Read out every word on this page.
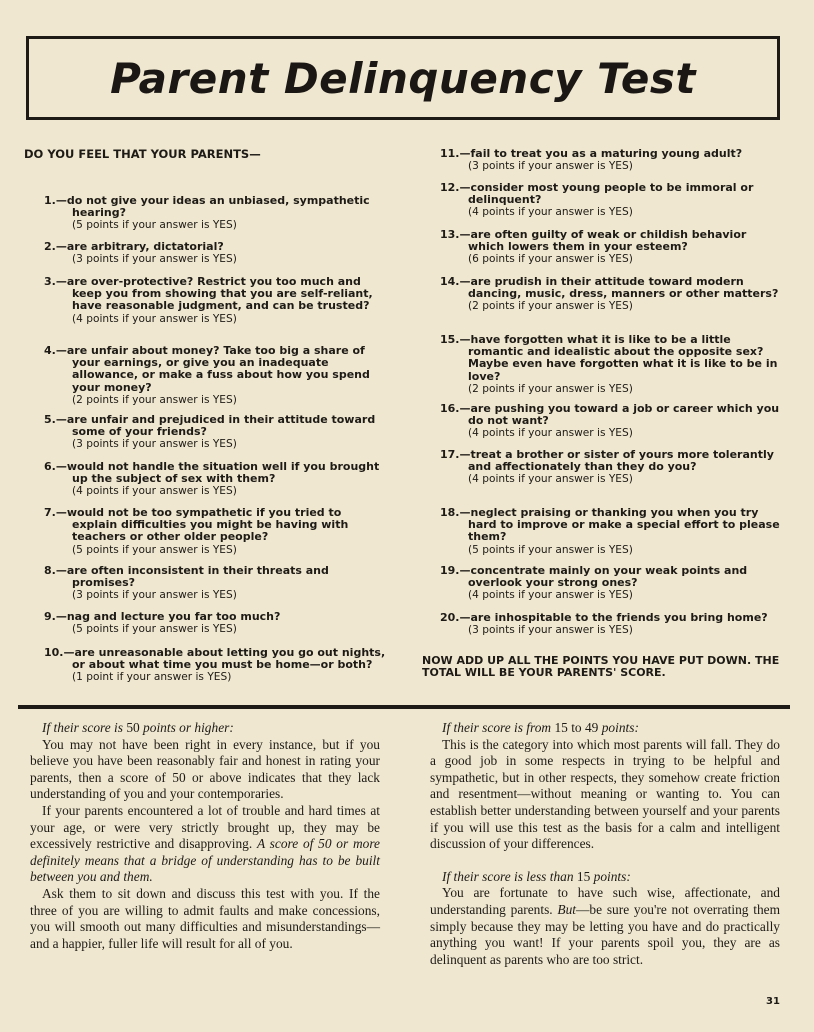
Parent Delinquency Test
DO YOU FEEL THAT YOUR PARENTS—
1.—do not give your ideas an unbiased, sympathetic hearing?
(5 points if your answer is YES)
2.—are arbitrary, dictatorial?
(3 points if your answer is YES)
3.—are over-protective? Restrict you too much and keep you from showing that you are self-reliant, have reasonable judgment, and can be trusted?
(4 points if your answer is YES)
4.—are unfair about money? Take too big a share of your earnings, or give you an inadequate allowance, or make a fuss about how you spend your money?
(2 points if your answer is YES)
5.—are unfair and prejudiced in their attitude toward some of your friends?
(3 points if your answer is YES)
6.—would not handle the situation well if you brought up the subject of sex with them?
(4 points if your answer is YES)
7.—would not be too sympathetic if you tried to explain difficulties you might be having with teachers or other older people?
(5 points if your answer is YES)
8.—are often inconsistent in their threats and promises?
(3 points if your answer is YES)
9.—nag and lecture you far too much?
(5 points if your answer is YES)
10.—are unreasonable about letting you go out nights, or about what time you must be home—or both?
(1 point if your answer is YES)
11.—fail to treat you as a maturing young adult?
(3 points if your answer is YES)
12.—consider most young people to be immoral or delinquent?
(4 points if your answer is YES)
13.—are often guilty of weak or childish behavior which lowers them in your esteem?
(6 points if your answer is YES)
14.—are prudish in their attitude toward modern dancing, music, dress, manners or other matters?
(2 points if your answer is YES)
15.—have forgotten what it is like to be a little romantic and idealistic about the opposite sex? Maybe even have forgotten what it is like to be in love?
(2 points if your answer is YES)
16.—are pushing you toward a job or career which you do not want?
(4 points if your answer is YES)
17.—treat a brother or sister of yours more tolerantly and affectionately than they do you?
(4 points if your answer is YES)
18.—neglect praising or thanking you when you try hard to improve or make a special effort to please them?
(5 points if your answer is YES)
19.—concentrate mainly on your weak points and overlook your strong ones?
(4 points if your answer is YES)
20.—are inhospitable to the friends you bring home?
(3 points if your answer is YES)
NOW ADD UP ALL THE POINTS YOU HAVE PUT DOWN. THE TOTAL WILL BE YOUR PARENTS' SCORE.

If their score is 50 points or higher:

You may not have been right in every instance, but if you believe you have been reasonably fair and honest in rating your parents, then a score of 50 or above indicates that they lack understanding of you and your contemporaries.

If your parents encountered a lot of trouble and hard times at your age, or were very strictly brought up, they may be excessively restrictive and disapproving. A score of 50 or more definitely means that a bridge of understanding has to be built between you and them.

Ask them to sit down and discuss this test with you. If the three of you are willing to admit faults and make concessions, you will smooth out many difficulties and misunderstandings—and a happier, fuller life will result for all of you.

If their score is from 15 to 49 points:

This is the category into which most parents will fall. They do a good job in some respects in trying to be helpful and sympathetic, but in other respects, they somehow create friction and resentment—without meaning or wanting to. You can establish better understanding between yourself and your parents if you will use this test as the basis for a calm and intelligent discussion of your differences.

If their score is less than 15 points:

You are fortunate to have such wise, affectionate, and understanding parents. But—be sure you're not overrating them simply because they may be letting you have and do practically anything you want! If your parents spoil you, they are as delinquent as parents who are too strict.

31
